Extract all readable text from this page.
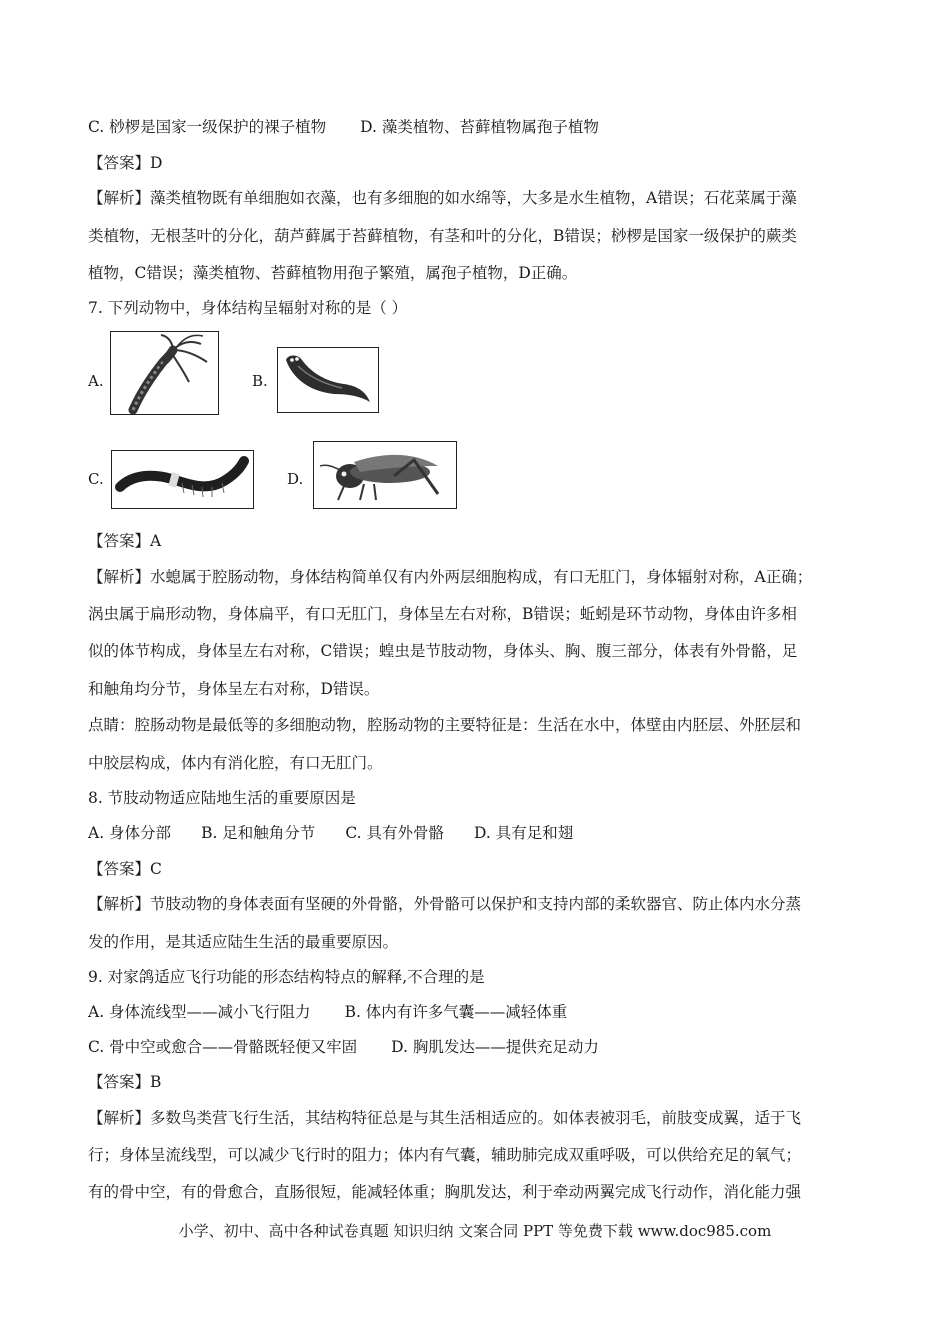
C. 桫椤是国家一级保护的裸子植物 D. 藻类植物、苔藓植物属孢子植物
【答案】D
【解析】藻类植物既有单细胞如衣藻，也有多细胞的如水绵等，大多是水生植物，A错误；石花菜属于藻
类植物，无根茎叶的分化，葫芦藓属于苔藓植物，有茎和叶的分化，B错误；桫椤是国家一级保护的蕨类
植物，C错误；藻类植物、苔藓植物用孢子繁殖，属孢子植物，D正确。
7. 下列动物中，身体结构呈辐射对称的是（ ）
A.	B.
C.	D.
【答案】A
【解析】水螅属于腔肠动物，身体结构简单仅有内外两层细胞构成，有口无肛门，身体辐射对称，A正确；
涡虫属于扁形动物，身体扁平，有口无肛门，身体呈左右对称，B错误；蚯蚓是环节动物，身体由许多相
似的体节构成，身体呈左右对称，C错误；蝗虫是节肢动物，身体头、胸、腹三部分，体表有外骨骼，足
和触角均分节，身体呈左右对称，D错误。
点睛：腔肠动物是最低等的多细胞动物，腔肠动物的主要特征是：生活在水中，体壁由内胚层、外胚层和
中胶层构成，体内有消化腔，有口无肛门。
8. 节肢动物适应陆地生活的重要原因是
A. 身体分部 B. 足和触角分节 C. 具有外骨骼 D. 具有足和翅
【答案】C
【解析】节肢动物的身体表面有坚硬的外骨骼，外骨骼可以保护和支持内部的柔软器官、防止体内水分蒸
发的作用，是其适应陆生生活的最重要原因。
9. 对家鸽适应飞行功能的形态结构特点的解释,不合理的是
A. 身体流线型——减小飞行阻力 B. 体内有许多气囊——减轻体重
C. 骨中空或愈合——骨骼既轻便又牢固 D. 胸肌发达——提供充足动力
【答案】B
【解析】多数鸟类营飞行生活，其结构特征总是与其生活相适应的。如体表被羽毛，前肢变成翼，适于飞
行；身体呈流线型，可以减少飞行时的阻力；体内有气囊，辅助肺完成双重呼吸，可以供给充足的氧气；
有的骨中空，有的骨愈合，直肠很短，能减轻体重；胸肌发达，利于牵动两翼完成飞行动作，消化能力强
小学、初中、高中各种试卷真题 知识归纳 文案合同 PPT 等免费下载 www.doc985.com
